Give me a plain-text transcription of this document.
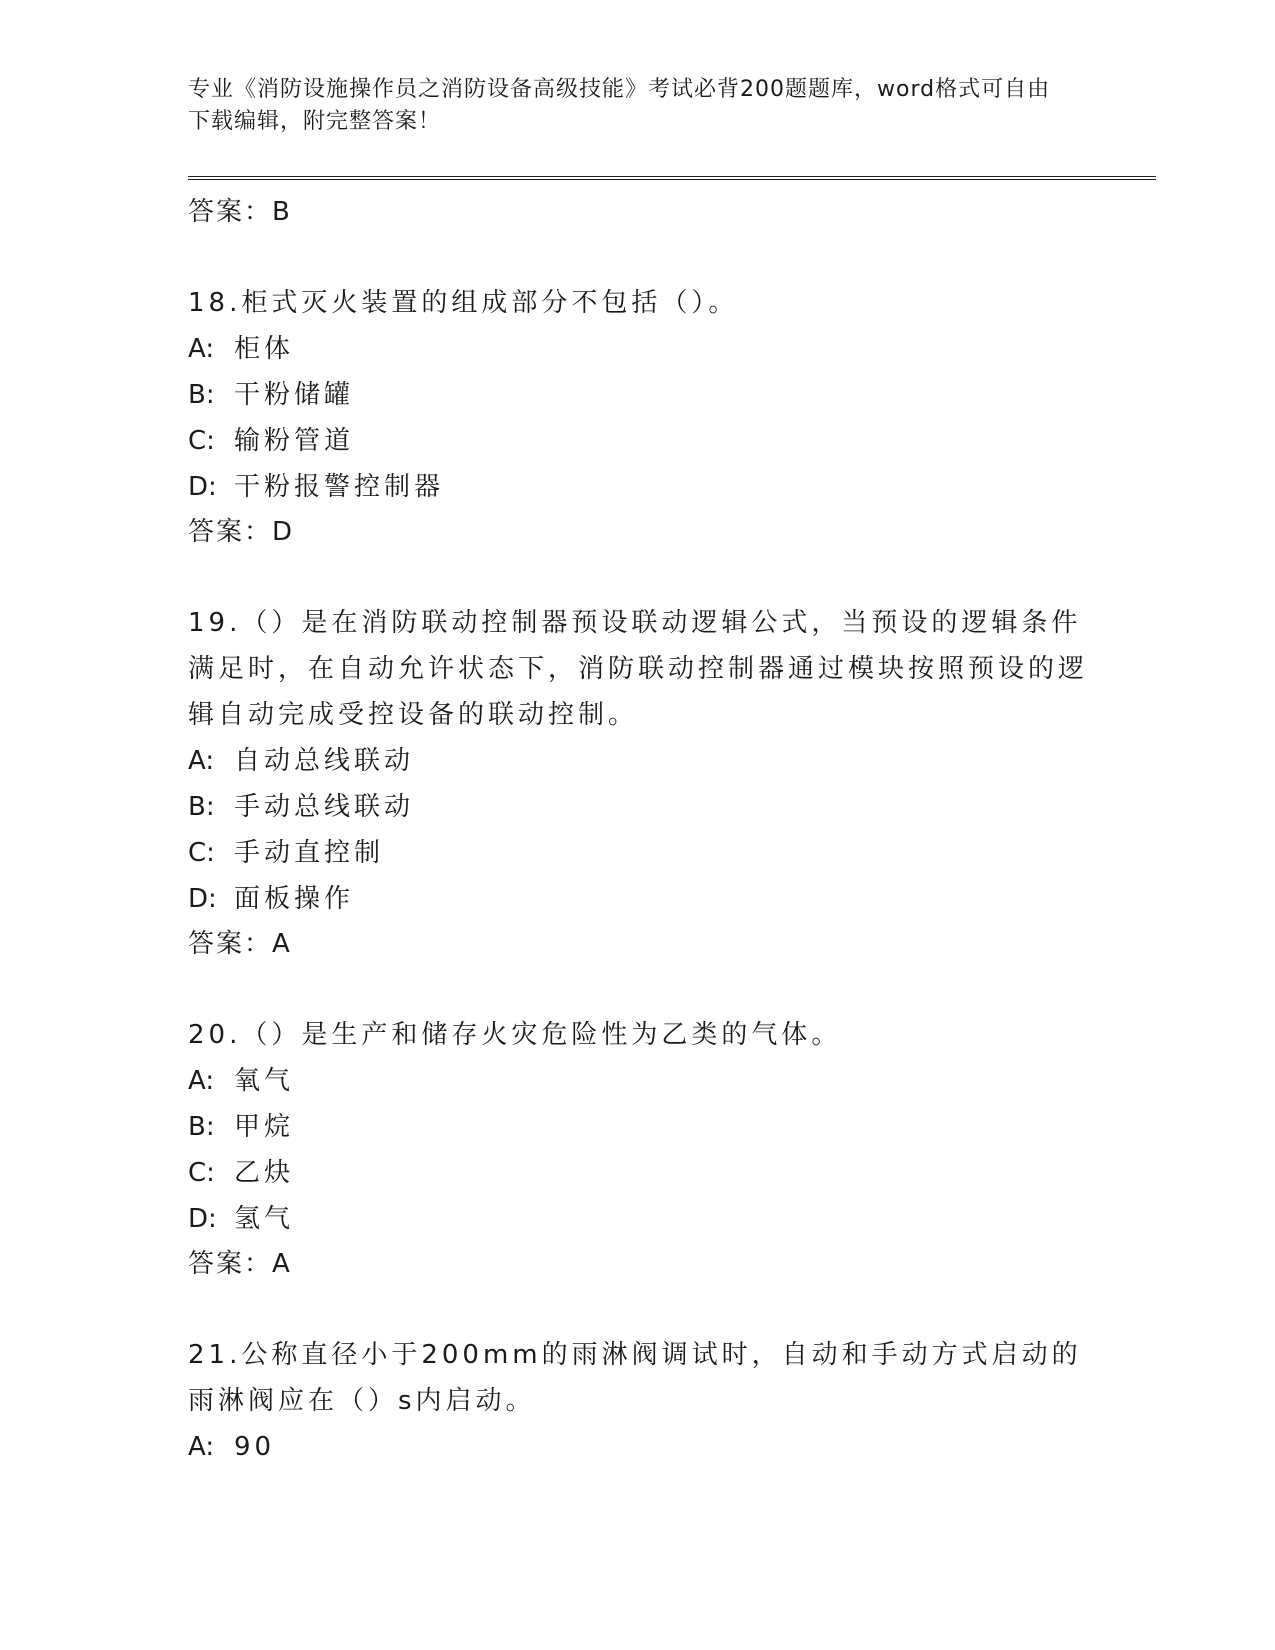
专业《消防设施操作员之消防设备高级技能》考试必背200题题库，word格式可自由下载编辑，附完整答案！
答案：B
18.柜式灭火装置的组成部分不包括（）。
A: 柜体
B: 干粉储罐
C: 输粉管道
D: 干粉报警控制器
答案：D
19.（）是在消防联动控制器预设联动逻辑公式，当预设的逻辑条件满足时，在自动允许状态下，消防联动控制器通过模块按照预设的逻辑自动完成受控设备的联动控制。
A: 自动总线联动
B: 手动总线联动
C: 手动直控制
D: 面板操作
答案：A
20.（）是生产和储存火灾危险性为乙类的气体。
A: 氧气
B: 甲烷
C: 乙炔
D: 氢气
答案：A
21.公称直径小于200mm的雨淋阀调试时，自动和手动方式启动的雨淋阀应在（）s内启动。
A: 90
